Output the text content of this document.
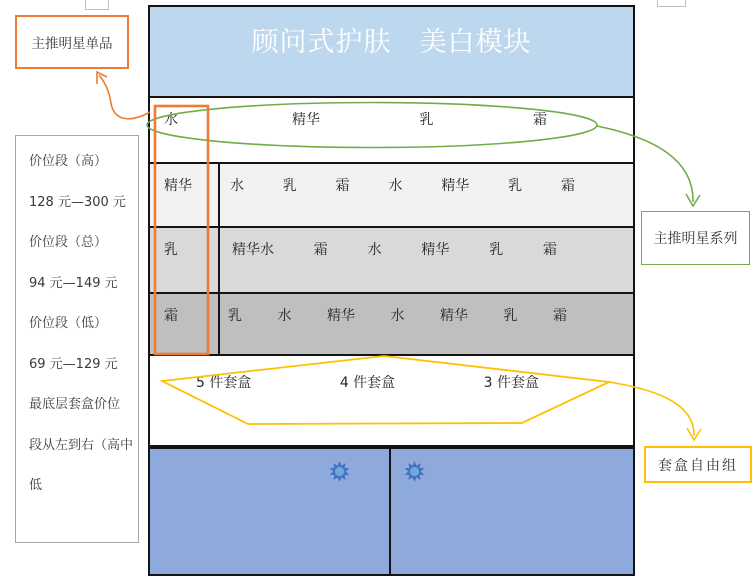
主推明星单品
价位段（高）
128 元—300 元
价位段（总）
94 元—149 元
价位段（低）
69 元—129 元
最底层套盒价位
段从左到右（高中
低
顾问式护肤　美白模块
水	精华	乳	霜
精华	水	乳	霜	水	精华	乳	霜
乳	精华水	霜	水	精华	乳	霜
霜	乳	水	精华	水	精华	乳	霜
5 件套盒	4 件套盒	3 件套盒
主推明星系列
套盒自由组
